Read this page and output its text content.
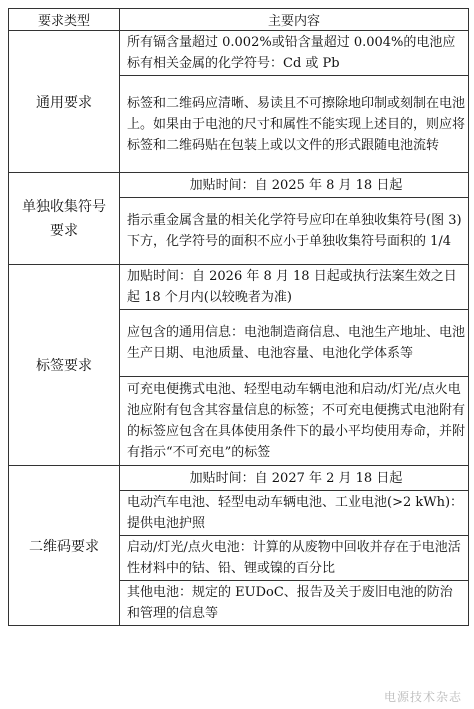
要求类型	主要内容
通用要求	所有镉含量超过 0.002%或铅含量超过 0.004%的电池应标有相关金属的化学符号：Cd 或 Pb
	标签和二维码应清晰、易读且不可擦除地印制或刻制在电池上。如果由于电池的尺寸和属性不能实现上述目的，则应将标签和二维码贴在包装上或以文件的形式跟随电池流转
单独收集符号要求	加贴时间：自 2025 年 8 月 18 日起
	指示重金属含量的相关化学符号应印在单独收集符号(图 3)下方，化学符号的面积不应小于单独收集符号面积的 1/4
标签要求	加贴时间：自 2026 年 8 月 18 日起或执行法案生效之日起 18 个月内(以较晚者为准)
	应包含的通用信息：电池制造商信息、电池生产地址、电池生产日期、电池质量、电池容量、电池化学体系等
	可充电便携式电池、轻型电动车辆电池和启动/灯光/点火电池应附有包含其容量信息的标签；不可充电便携式电池附有的标签应包含在具体使用条件下的最小平均使用寿命，并附有指示“不可充电”的标签
二维码要求	加贴时间：自 2027 年 2 月 18 日起
	电动汽车电池、轻型电动车辆电池、工业电池(>2 kWh)：提供电池护照
	启动/灯光/点火电池：计算的从废物中回收并存在于电池活性材料中的钴、铅、锂或镍的百分比
	其他电池：规定的 EUDoC、报告及关于废旧电池的防治和管理的信息等
电源技术杂志
